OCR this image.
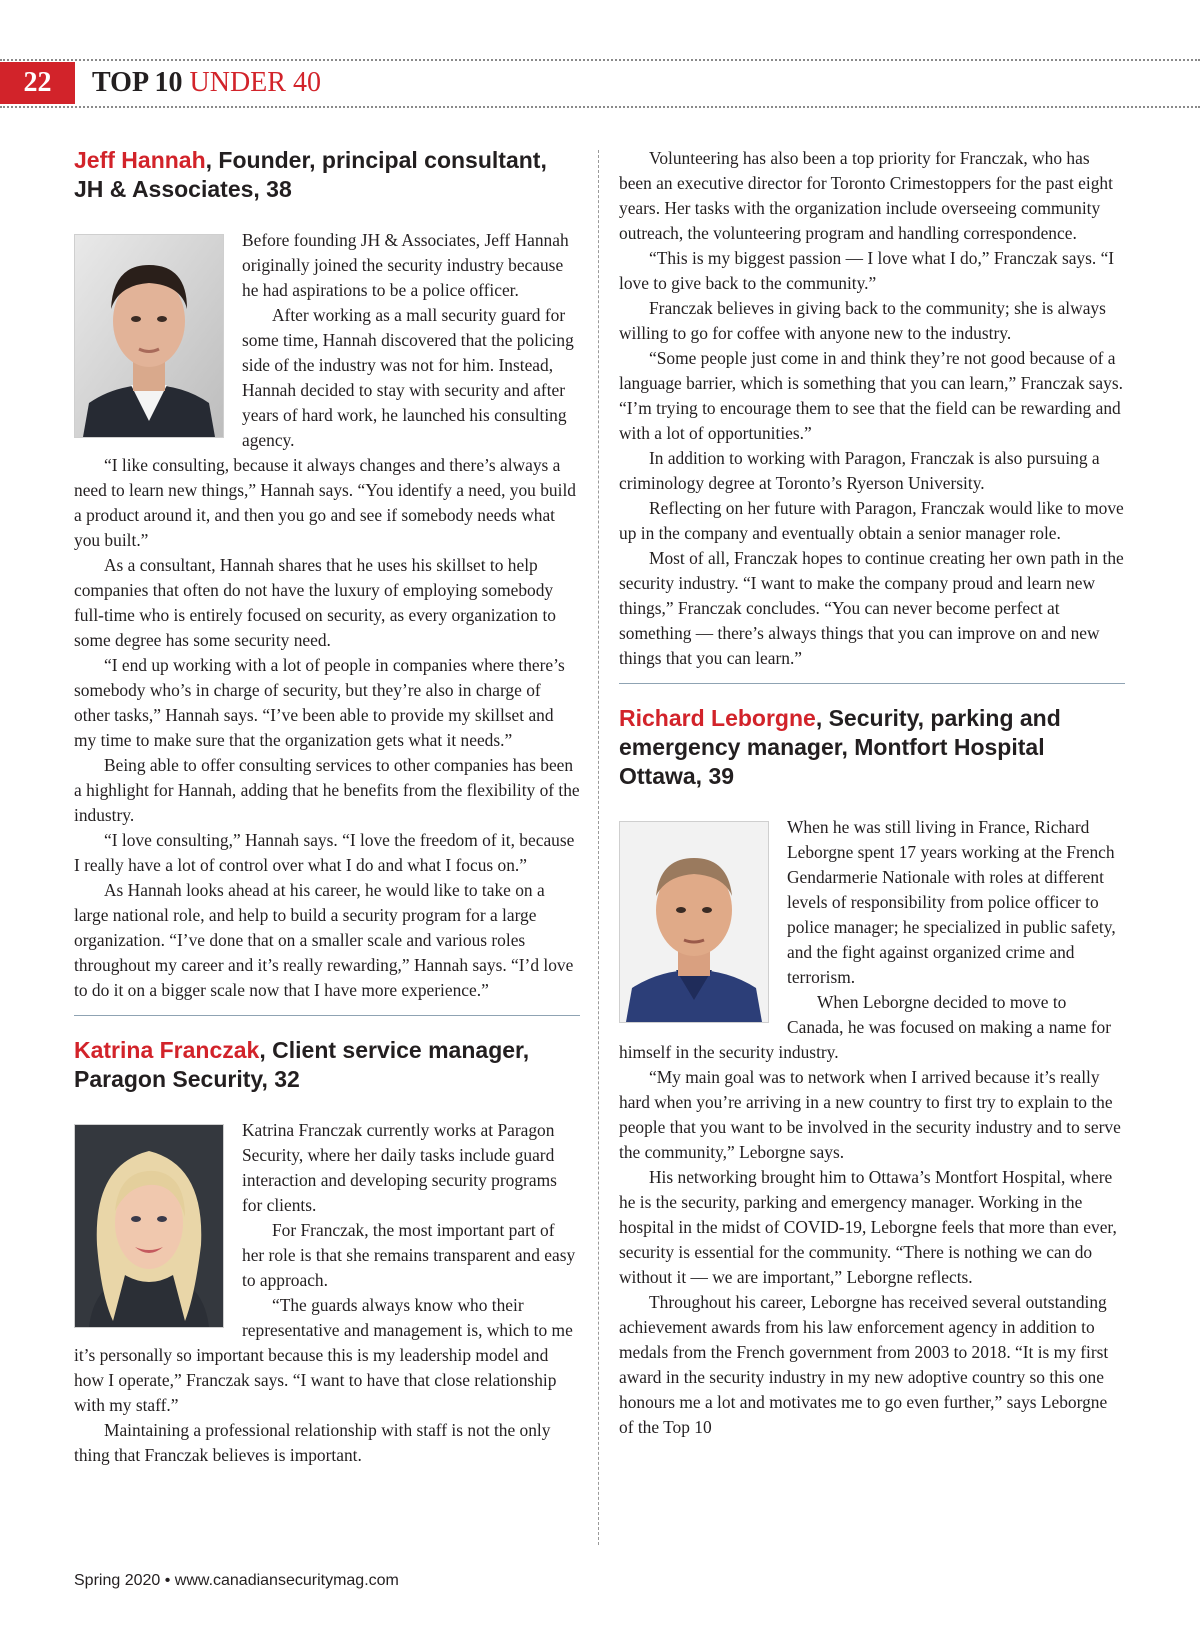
22	TOP 10 UNDER 40
Jeff Hannah, Founder, principal consultant, JH & Associates, 38

Before founding JH & Associates, Jeff Hannah originally joined the security industry because he had aspirations to be a police officer.

After working as a mall security guard for some time, Hannah discovered that the policing side of the industry was not for him. Instead, Hannah decided to stay with security and after years of hard work, he launched his consulting agency.

“I like consulting, because it always changes and there’s always a need to learn new things,” Hannah says. “You identify a need, you build a product around it, and then you go and see if somebody needs what you built.”

As a consultant, Hannah shares that he uses his skillset to help companies that often do not have the luxury of employing somebody full-time who is entirely focused on security, as every organization to some degree has some security need.

“I end up working with a lot of people in companies where there’s somebody who’s in charge of security, but they’re also in charge of other tasks,” Hannah says. “I’ve been able to provide my skillset and my time to make sure that the organization gets what it needs.”

Being able to offer consulting services to other companies has been a highlight for Hannah, adding that he benefits from the flexibility of the industry.

“I love consulting,” Hannah says. “I love the freedom of it, because I really have a lot of control over what I do and what I focus on.”

As Hannah looks ahead at his career, he would like to take on a large national role, and help to build a security program for a large organization. “I’ve done that on a smaller scale and various roles throughout my career and it’s really rewarding,” Hannah says. “I’d love to do it on a bigger scale now that I have more experience.”

Katrina Franczak, Client service manager, Paragon Security, 32

Katrina Franczak currently works at Paragon Security, where her daily tasks include guard interaction and developing security programs for clients.

For Franczak, the most important part of her role is that she remains transparent and easy to approach.

“The guards always know who their representative and management is, which to me it’s personally so important because this is my leadership model and how I operate,” Franczak says. “I want to have that close relationship with my staff.”

Maintaining a professional relationship with staff is not the only thing that Franczak believes is important.

Volunteering has also been a top priority for Franczak, who has been an executive director for Toronto Crimestoppers for the past eight years. Her tasks with the organization include overseeing community outreach, the volunteering program and handling correspondence.

“This is my biggest passion — I love what I do,” Franczak says. “I love to give back to the community.”

Franczak believes in giving back to the community; she is always willing to go for coffee with anyone new to the industry.

“Some people just come in and think they’re not good because of a language barrier, which is something that you can learn,” Franczak says. “I’m trying to encourage them to see that the field can be rewarding and with a lot of opportunities.”

In addition to working with Paragon, Franczak is also pursuing a criminology degree at Toronto’s Ryerson University.

Reflecting on her future with Paragon, Franczak would like to move up in the company and eventually obtain a senior manager role.

Most of all, Franczak hopes to continue creating her own path in the security industry. “I want to make the company proud and learn new things,” Franczak concludes. “You can never become perfect at something — there’s always things that you can improve on and new things that you can learn.”

Richard Leborgne, Security, parking and emergency manager, Montfort Hospital Ottawa, 39

When he was still living in France, Richard Leborgne spent 17 years working at the French Gendarmerie Nationale with roles at different levels of responsibility from police officer to police manager; he specialized in public safety, and the fight against organized crime and terrorism.

When Leborgne decided to move to Canada, he was focused on making a name for himself in the security industry.

“My main goal was to network when I arrived because it’s really hard when you’re arriving in a new country to first try to explain to the people that you want to be involved in the security industry and to serve the community,” Leborgne says.

His networking brought him to Ottawa’s Montfort Hospital, where he is the security, parking and emergency manager. Working in the hospital in the midst of COVID-19, Leborgne feels that more than ever, security is essential for the community. “There is nothing we can do without it — we are important,” Leborgne reflects.

Throughout his career, Leborgne has received several outstanding achievement awards from his law enforcement agency in addition to medals from the French government from 2003 to 2018. “It is my first award in the security industry in my new adoptive country so this one honours me a lot and motivates me to go even further,” says Leborgne of the Top 10

Spring 2020 • www.canadiansecuritymag.com
